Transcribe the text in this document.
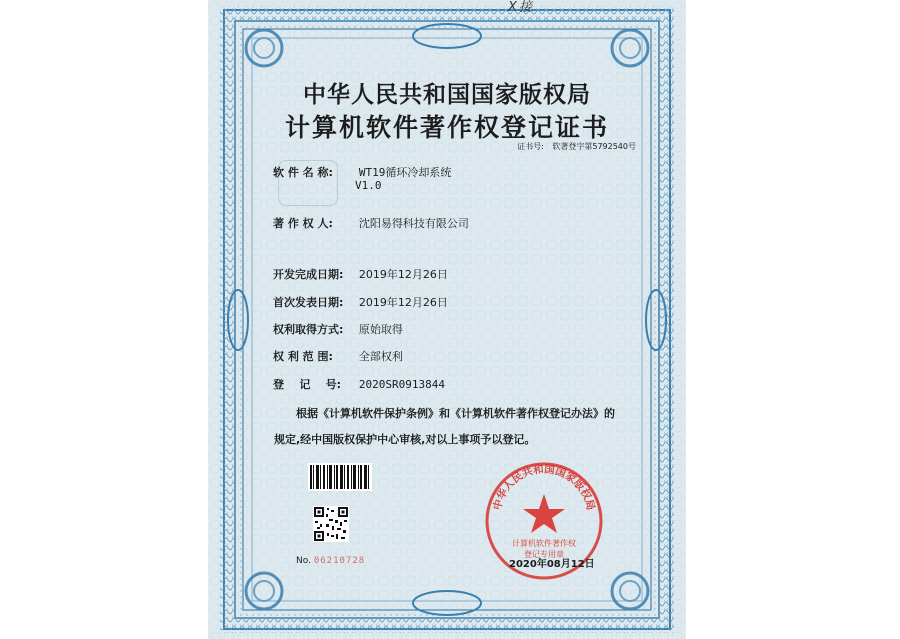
X接
中华人民共和国国家版权局
计算机软件著作权登记证书
证书号: 软著登字第5792540号
软 件 名 称: WT19循环冷却系统
V1.0
著 作 权 人: 沈阳易得科技有限公司
开发完成日期: 2019年12月26日
首次发表日期: 2019年12月26日
权利取得方式: 原始取得
权 利 范 围: 全部权利
登    记    号: 2020SR0913844
根据《计算机软件保护条例》和《计算机软件著作权登记办法》的
规定,经中国版权保护中心审核,对以上事项予以登记。
No. 06210728
中华人民共和国国家版权局
计算机软件著作权
登记专用章
2020年08月12日
